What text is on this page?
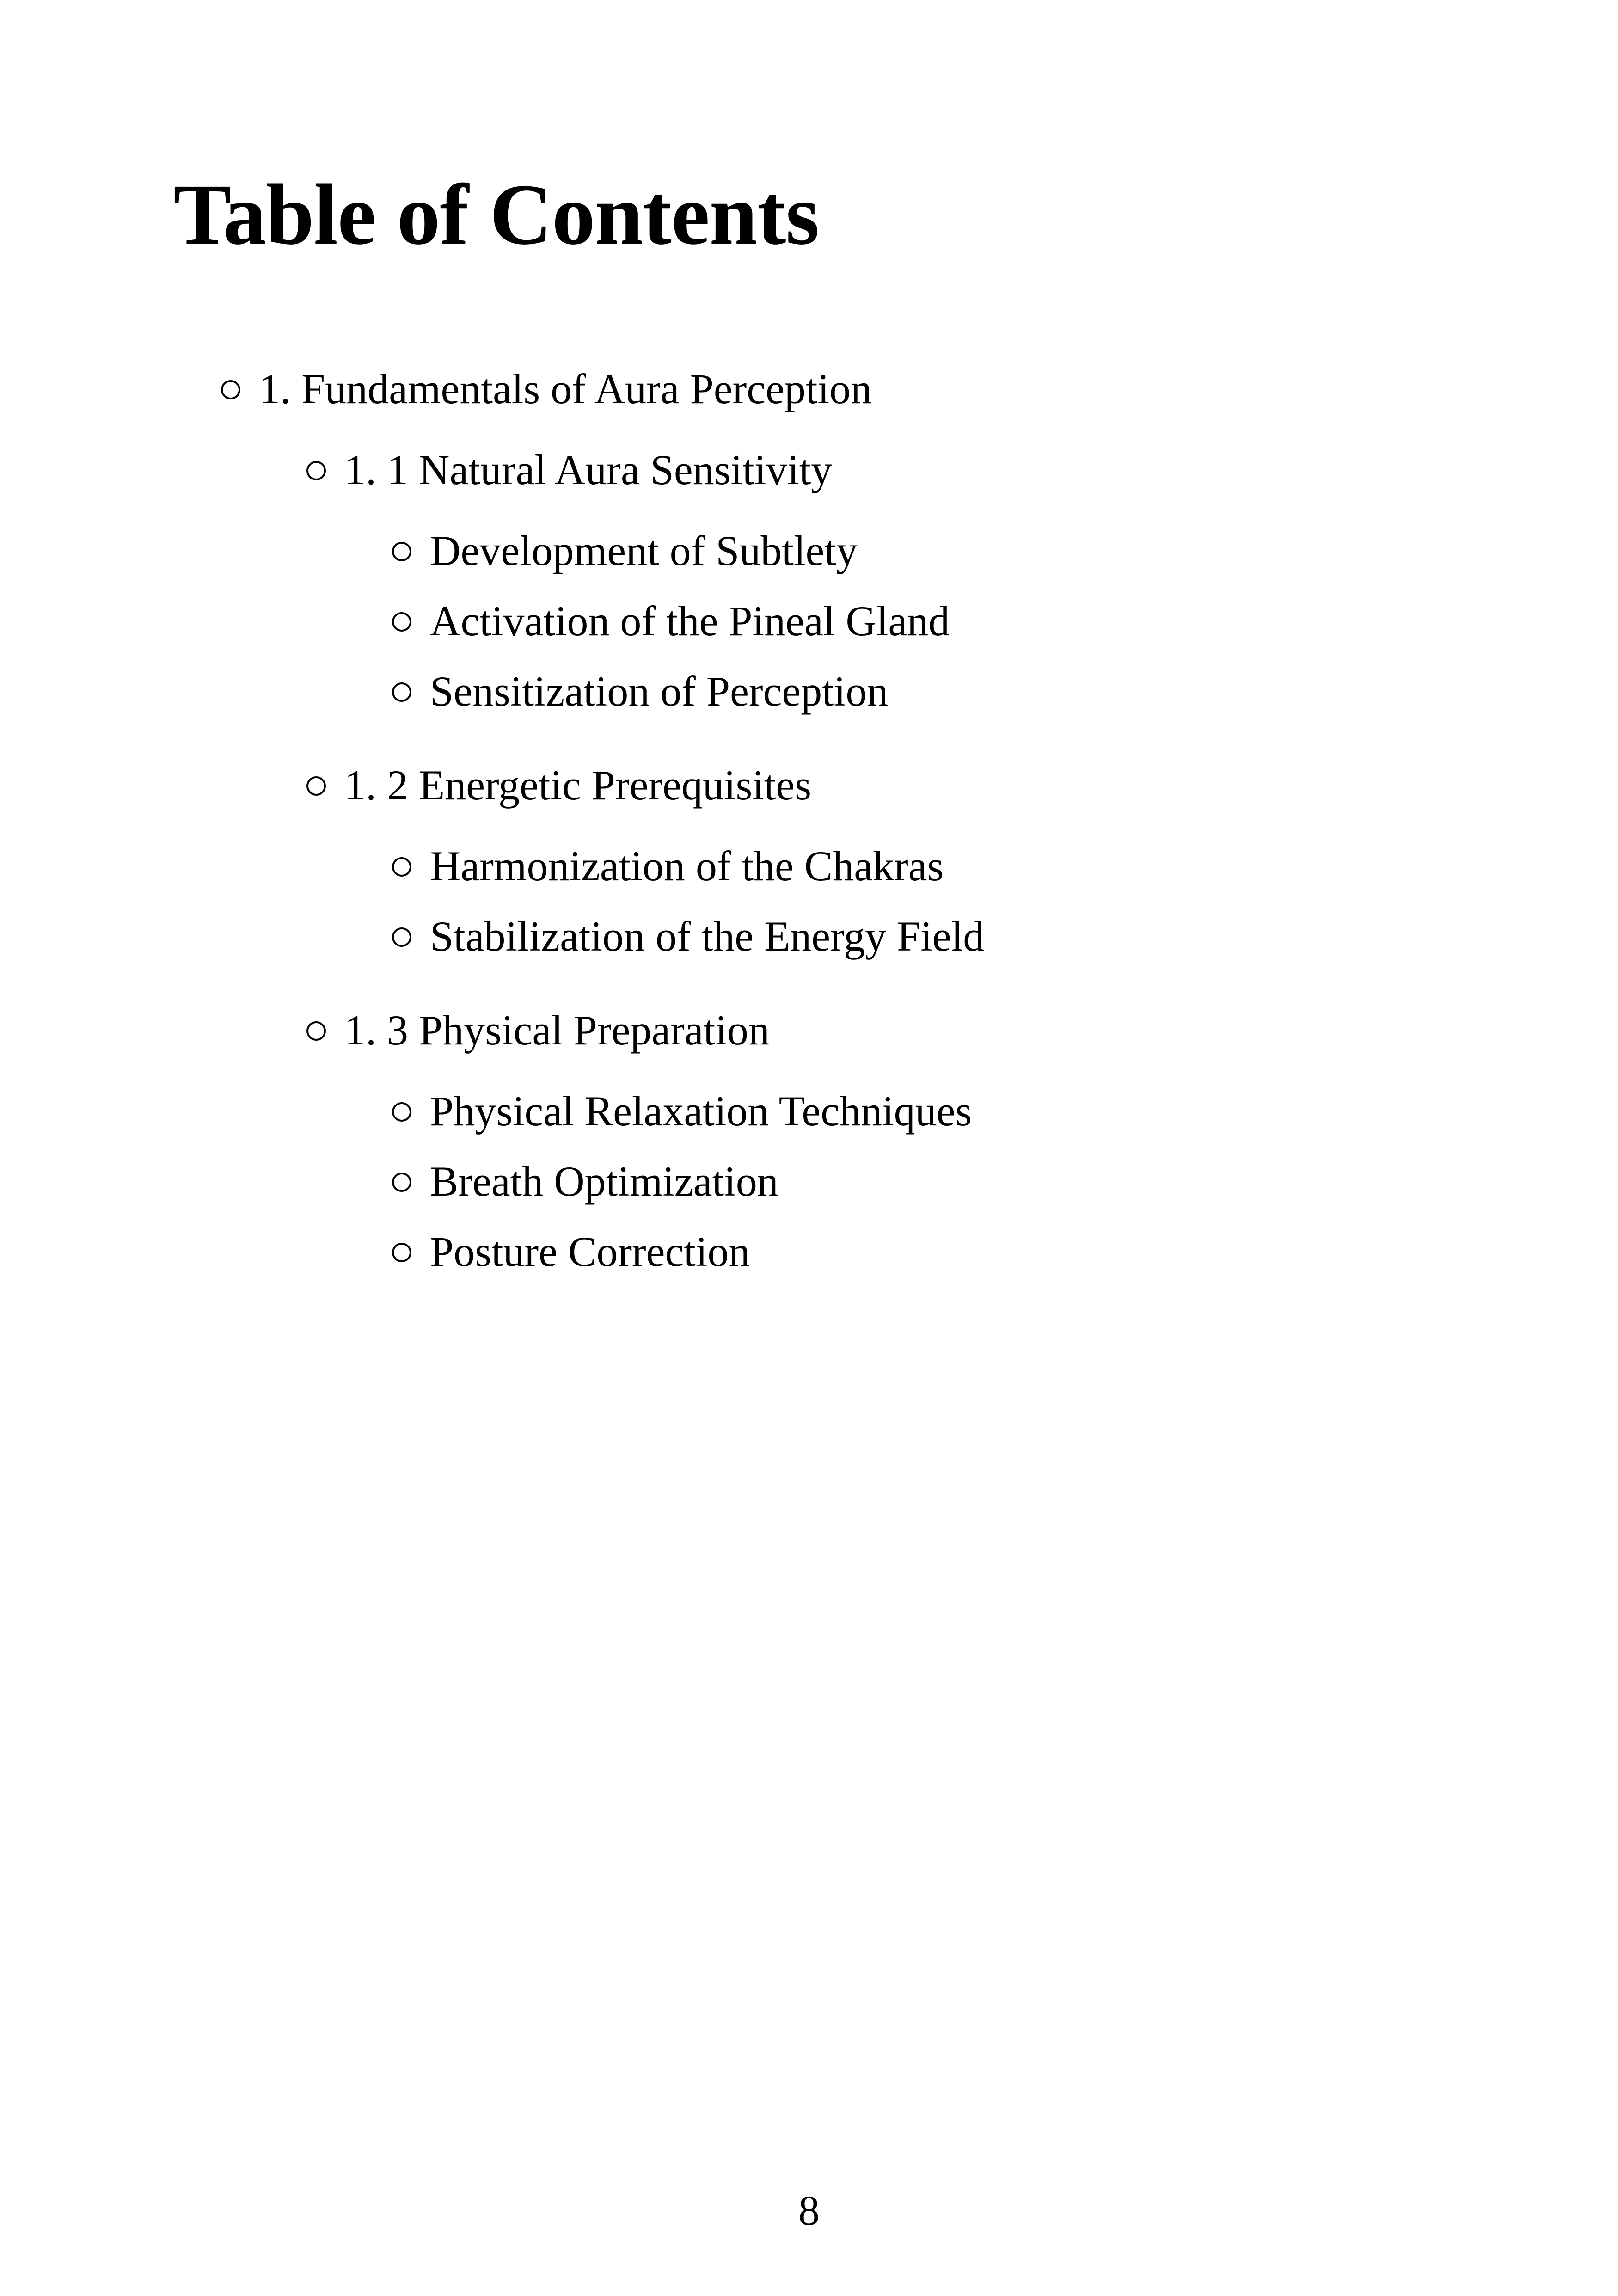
Table of Contents
1. Fundamentals of Aura Perception
1. 1 Natural Aura Sensitivity
Development of Subtlety
Activation of the Pineal Gland
Sensitization of Perception
1. 2 Energetic Prerequisites
Harmonization of the Chakras
Stabilization of the Energy Field
1. 3 Physical Preparation
Physical Relaxation Techniques
Breath Optimization
Posture Correction
8
